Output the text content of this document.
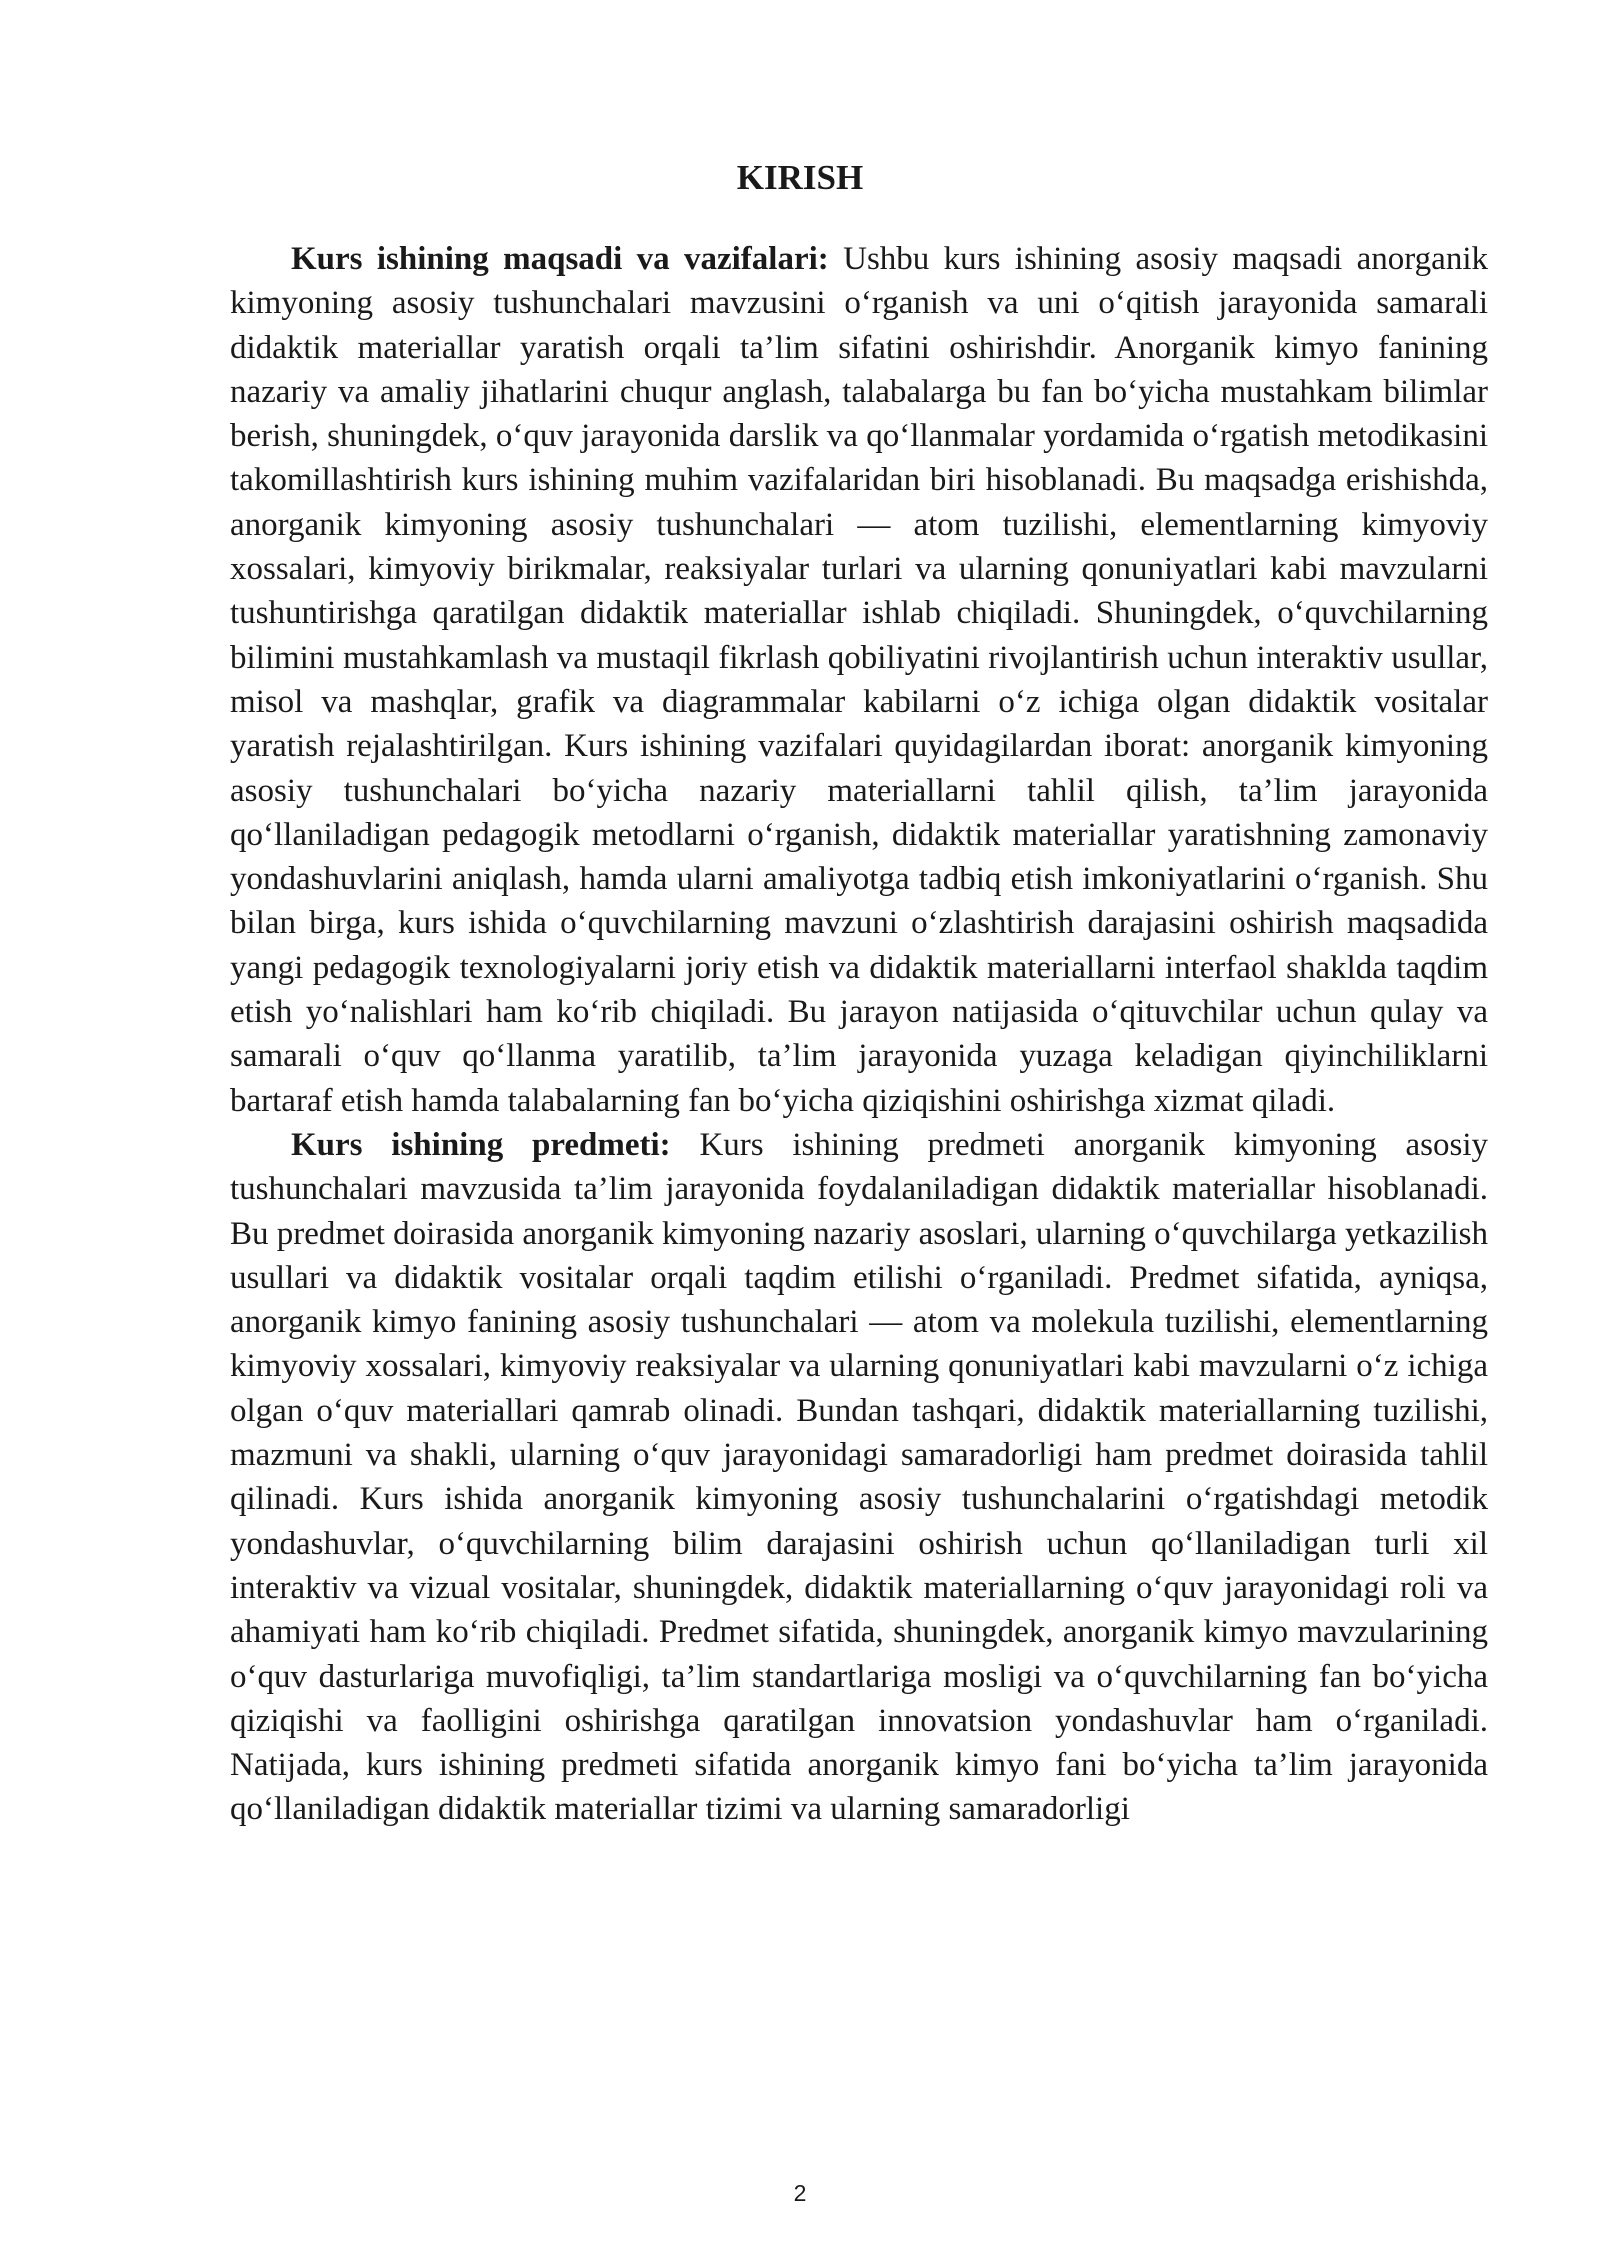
KIRISH

Kurs ishining maqsadi va vazifalari: Ushbu kurs ishining asosiy maqsadi anorganik kimyoning asosiy tushunchalari mavzusini o‘rganish va uni o‘qitish jarayonida samarali didaktik materiallar yaratish orqali ta’lim sifatini oshirishdir. Anorganik kimyo fanining nazariy va amaliy jihatlarini chuqur anglash, talabalarga bu fan bo‘yicha mustahkam bilimlar berish, shuningdek, o‘quv jarayonida darslik va qo‘llanmalar yordamida o‘rgatish metodikasini takomillashtirish kurs ishining muhim vazifalaridan biri hisoblanadi. Bu maqsadga erishishda, anorganik kimyoning asosiy tushunchalari — atom tuzilishi, elementlarning kimyoviy xossalari, kimyoviy birikmalar, reaksiyalar turlari va ularning qonuniyatlari kabi mavzularni tushuntirishga qaratilgan didaktik materiallar ishlab chiqiladi. Shuningdek, o‘quvchilarning bilimini mustahkamlash va mustaqil fikrlash qobiliyatini rivojlantirish uchun interaktiv usullar, misol va mashqlar, grafik va diagrammalar kabilarni o‘z ichiga olgan didaktik vositalar yaratish rejalashtirilgan. Kurs ishining vazifalari quyidagilardan iborat: anorganik kimyoning asosiy tushunchalari bo‘yicha nazariy materiallarni tahlil qilish, ta’lim jarayonida qo‘llaniladigan pedagogik metodlarni o‘rganish, didaktik materiallar yaratishning zamonaviy yondashuvlarini aniqlash, hamda ularni amaliyotga tadbiq etish imkoniyatlarini o‘rganish. Shu bilan birga, kurs ishida o‘quvchilarning mavzuni o‘zlashtirish darajasini oshirish maqsadida yangi pedagogik texnologiyalarni joriy etish va didaktik materiallarni interfaol shaklda taqdim etish yo‘nalishlari ham ko‘rib chiqiladi. Bu jarayon natijasida o‘qituvchilar uchun qulay va samarali o‘quv qo‘llanma yaratilib, ta’lim jarayonida yuzaga keladigan qiyinchiliklarni bartaraf etish hamda talabalarning fan bo‘yicha qiziqishini oshirishga xizmat qiladi.

Kurs ishining predmeti: Kurs ishining predmeti anorganik kimyoning asosiy tushunchalari mavzusida ta’lim jarayonida foydalaniladigan didaktik materiallar hisoblanadi. Bu predmet doirasida anorganik kimyoning nazariy asoslari, ularning o‘quvchilarga yetkazilish usullari va didaktik vositalar orqali taqdim etilishi o‘rganiladi. Predmet sifatida, ayniqsa, anorganik kimyo fanining asosiy tushunchalari — atom va molekula tuzilishi, elementlarning kimyoviy xossalari, kimyoviy reaksiyalar va ularning qonuniyatlari kabi mavzularni o‘z ichiga olgan o‘quv materiallari qamrab olinadi. Bundan tashqari, didaktik materiallarning tuzilishi, mazmuni va shakli, ularning o‘quv jarayonidagi samaradorligi ham predmet doirasida tahlil qilinadi. Kurs ishida anorganik kimyoning asosiy tushunchalarini o‘rgatishdagi metodik yondashuvlar, o‘quvchilarning bilim darajasini oshirish uchun qo‘llaniladigan turli xil interaktiv va vizual vositalar, shuningdek, didaktik materiallarning o‘quv jarayonidagi roli va ahamiyati ham ko‘rib chiqiladi. Predmet sifatida, shuningdek, anorganik kimyo mavzularining o‘quv dasturlariga muvofiqligi, ta’lim standartlariga mosligi va o‘quvchilarning fan bo‘yicha qiziqishi va faolligini oshirishga qaratilgan innovatsion yondashuvlar ham o‘rganiladi. Natijada, kurs ishining predmeti sifatida anorganik kimyo fani bo‘yicha ta’lim jarayonida qo‘llaniladigan didaktik materiallar tizimi va ularning samaradorligi

2
